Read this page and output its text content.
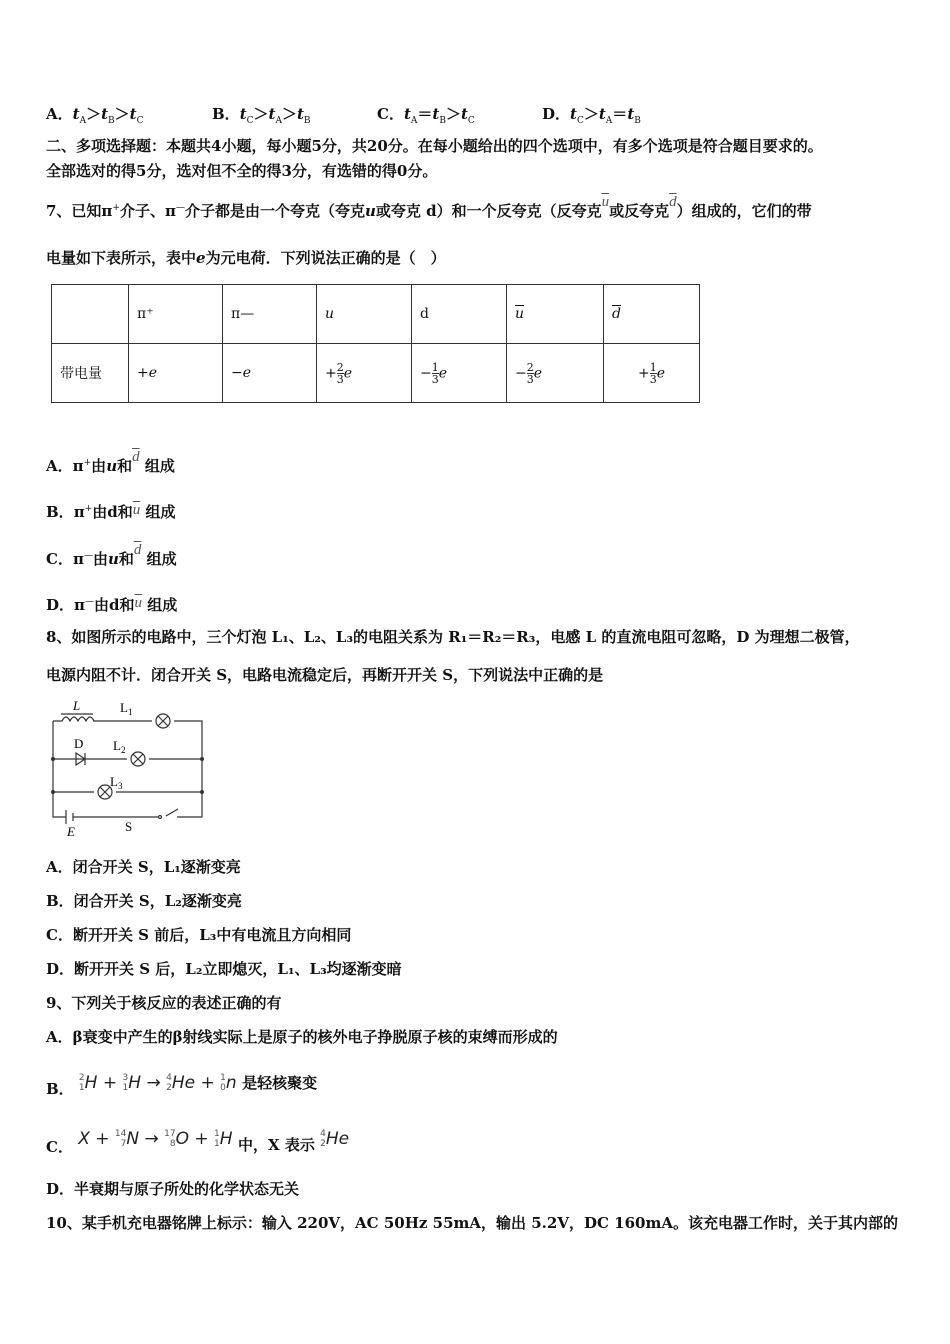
A．$t_A>t_B>t_C$	B．$t_C>t_A>t_B$	C．$t_A=t_B>t_C$	D．$t_C>t_A=t_B$
二、多项选择题：本题共4小题，每小题5分，共20分。在每小题给出的四个选项中，有多个选项是符合题目要求的。
全部选对的得5分，选对但不全的得3分，有选错的得0分。
7、已知π+介子、π—介子都是由一个夸克（夸克u或夸克 d）和一个反夸克（反夸克$\overline{u}$或反夸克$\overline{d}$）组成的，它们的带
电量如下表所示，表中e为元电荷．下列说法正确的是（　）
	π⁺	π—	u	d	$\overline{u}$	$\overline{d}$
带电量	+e	−e	+ $\frac{2}{3}$ e	− $\frac{1}{3}$ e	− $\frac{2}{3}$ e	+ $\frac{1}{3}$ e
A．π+由u和$\overline{d}$ 组成
B．π+由d和$\overline{u}$ 组成
C．π—由u和$\overline{d}$ 组成
D．π—由d和$\overline{u}$ 组成
8、如图所示的电路中，三个灯泡 L₁、L₂、L₃的电阻关系为 R₁＝R₂＝R₃，电感 L 的直流电阻可忽略，D 为理想二极管，
电源内阻不计．闭合开关 S，电路电流稳定后，再断开开关 S，下列说法中正确的是
L	$L_1$
D $L_2$
$L_3$
E	S
A．闭合开关 S，L₁逐渐变亮
B．闭合开关 S，L₂逐渐变亮
C．断开开关 S 前后，L₃中有电流且方向相同
D．断开开关 S 后，L₂立即熄灭，L₁、L₃均逐渐变暗
9、下列关于核反应的表述正确的有
A．β衰变中产生的β射线实际上是原子的核外电子挣脱原子核的束缚而形成的
B．
2
1 H + 3
1 H → 4
2 He + 1
0 n 是轻核聚变
C． X + 14
7 N → 17
8 O + 1
1 H 中，X 表示
4
2 He
D．半衰期与原子所处的化学状态无关
10、某手机充电器铭牌上标示：输入 220V，AC 50Hz 55mA，输出 5.2V，DC 160mA。该充电器工作时，关于其内部的
